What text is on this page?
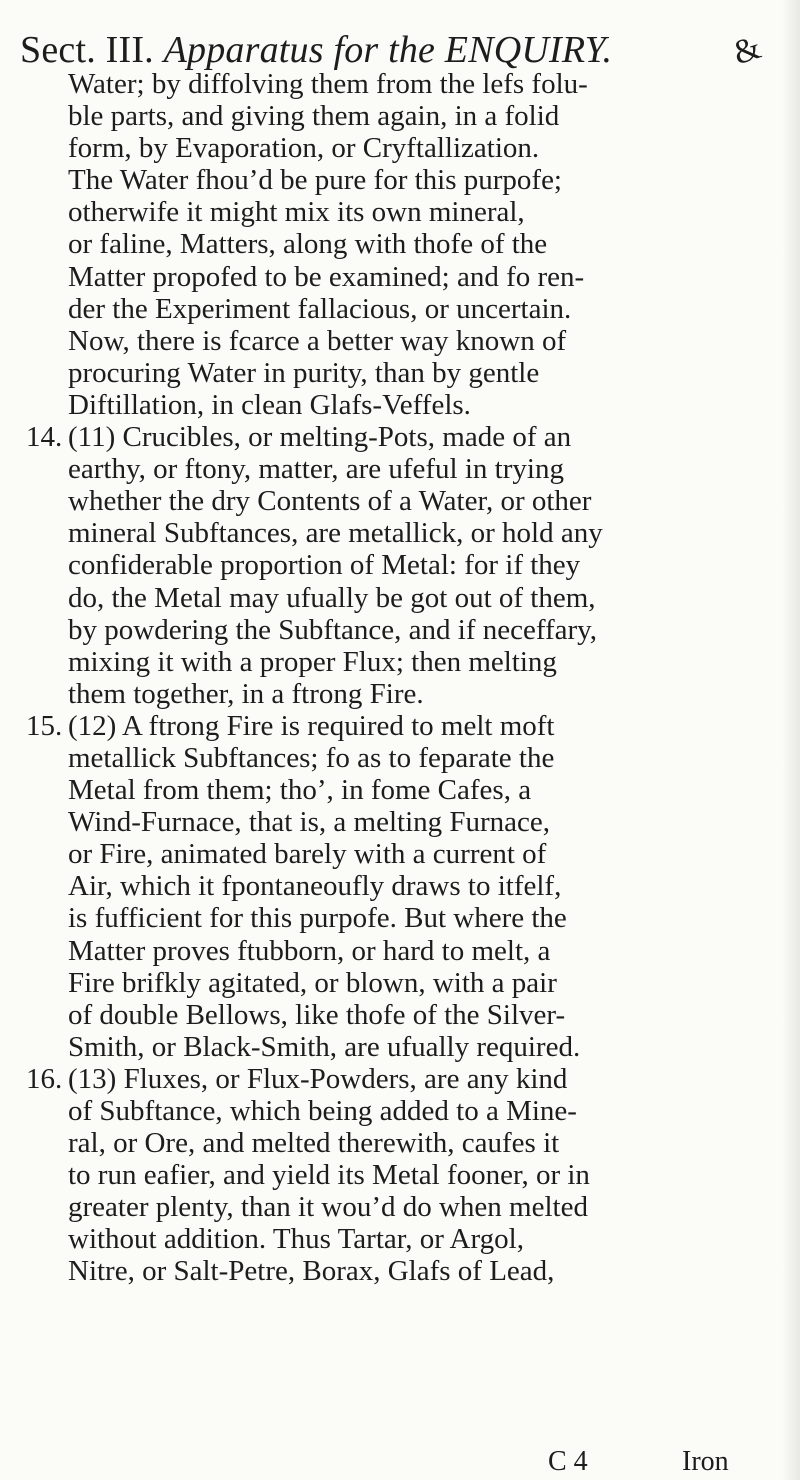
Sect. III. Apparatus for the ENQUIRY.	&
Water; by diffolving them from the lefs folu-
ble parts, and giving them again, in a folid
form, by Evaporation, or Cryftallization.
The Water fhou’d be pure for this purpofe;
otherwife it might mix its own mineral,
or faline, Matters, along with thofe of the
Matter propofed to be examined; and fo ren-
der the Experiment fallacious, or uncertain.
Now, there is fcarce a better way known of
procuring Water in purity, than by gentle
Diftillation, in clean Glafs-Veffels.
14. (11) Crucibles, or melting-Pots, made of an
earthy, or ftony, matter, are ufeful in trying
whether the dry Contents of a Water, or other
mineral Subftances, are metallick, or hold any
confiderable proportion of Metal: for if they
do, the Metal may ufually be got out of them,
by powdering the Subftance, and if neceffary,
mixing it with a proper Flux; then melting
them together, in a ftrong Fire.
15. (12) A ftrong Fire is required to melt moft
metallick Subftances; fo as to feparate the
Metal from them; tho’, in fome Cafes, a
Wind-Furnace, that is, a melting Furnace,
or Fire, animated barely with a current of
Air, which it fpontaneoufly draws to itfelf,
is fufficient for this purpofe. But where the
Matter proves ftubborn, or hard to melt, a
Fire brifkly agitated, or blown, with a pair
of double Bellows, like thofe of the Silver-
Smith, or Black-Smith, are ufually required.
16. (13) Fluxes, or Flux-Powders, are any kind
of Subftance, which being added to a Mine-
ral, or Ore, and melted therewith, caufes it
to run eafier, and yield its Metal fooner, or in
greater plenty, than it wou’d do when melted
without addition. Thus Tartar, or Argol,
Nitre, or Salt-Petre, Borax, Glafs of Lead,
C 4	Iron
